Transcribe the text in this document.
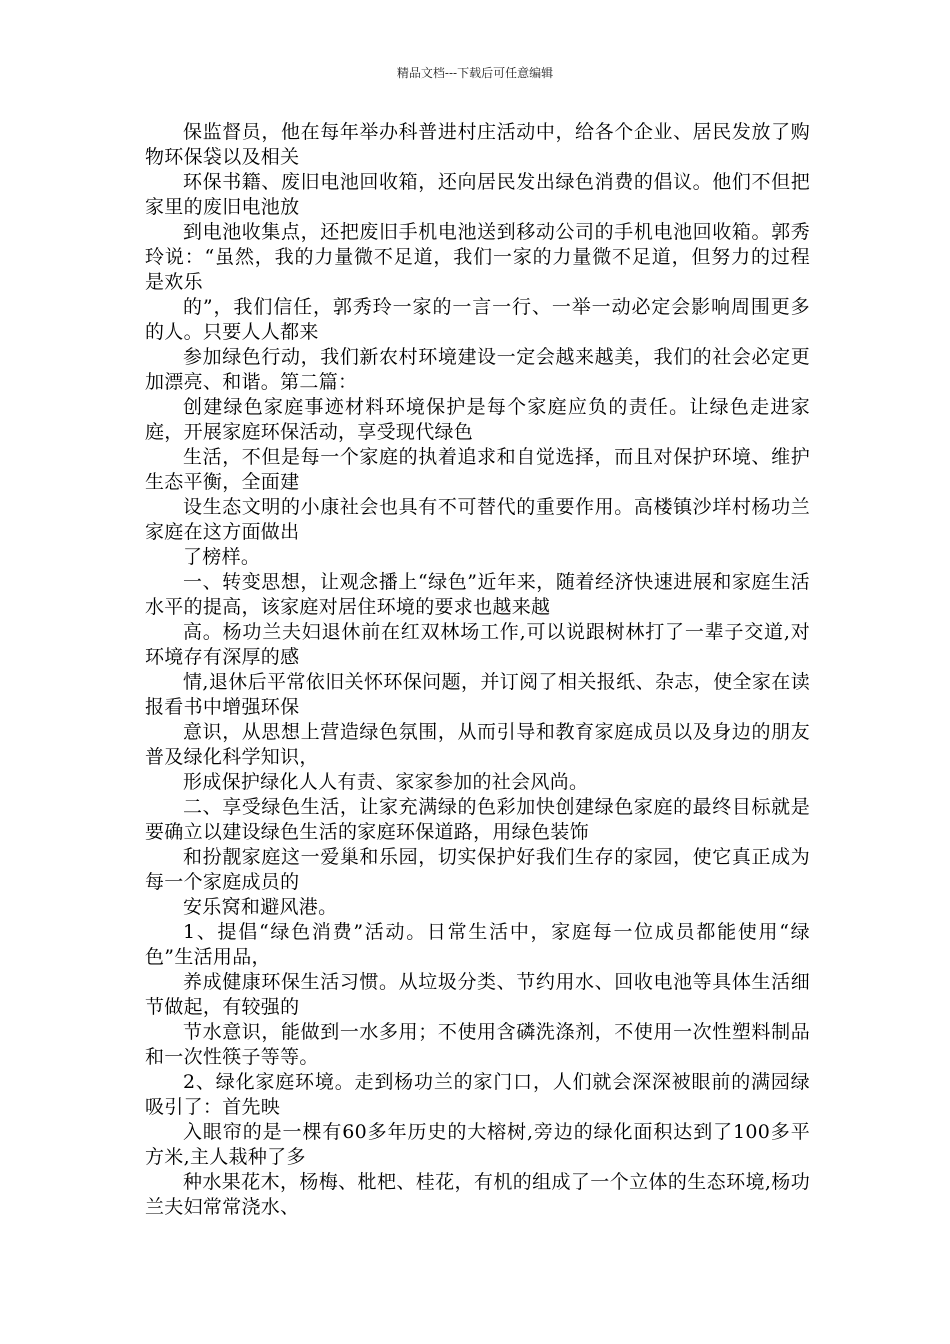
精品文档---下载后可任意编辑

保监督员，他在每年举办科普进村庄活动中，给各个企业、居民发放了购物环保袋以及相关

环保书籍、废旧电池回收箱，还向居民发出绿色消费的倡议。他们不但把家里的废旧电池放

到电池收集点，还把废旧手机电池送到移动公司的手机电池回收箱。郭秀玲说：“虽然，我的力量微不足道，我们一家的力量微不足道，但努力的过程是欢乐

的”，我们信任，郭秀玲一家的一言一行、一举一动必定会影响周围更多的人。只要人人都来

参加绿色行动，我们新农村环境建设一定会越来越美，我们的社会必定更加漂亮、和谐。第二篇：

创建绿色家庭事迹材料环境保护是每个家庭应负的责任。让绿色走进家庭，开展家庭环保活动，享受现代绿色

生活，不但是每一个家庭的执着追求和自觉选择，而且对保护环境、维护生态平衡，全面建

设生态文明的小康社会也具有不可替代的重要作用。高楼镇沙垟村杨功兰家庭在这方面做出

了榜样。

一、转变思想，让观念播上“绿色”近年来，随着经济快速进展和家庭生活水平的提高，该家庭对居住环境的要求也越来越

高。杨功兰夫妇退休前在红双林场工作,可以说跟树林打了一辈子交道,对环境存有深厚的感

情,退休后平常依旧关怀环保问题，并订阅了相关报纸、杂志，使全家在读报看书中增强环保

意识，从思想上营造绿色氛围，从而引导和教育家庭成员以及身边的朋友普及绿化科学知识，

形成保护绿化人人有责、家家参加的社会风尚。

二、享受绿色生活，让家充满绿的色彩加快创建绿色家庭的最终目标就是要确立以建设绿色生活的家庭环保道路，用绿色装饰

和扮靓家庭这一爱巢和乐园，切实保护好我们生存的家园，使它真正成为每一个家庭成员的

安乐窝和避风港。

1、提倡“绿色消费”活动。日常生活中，家庭每一位成员都能使用“绿色”生活用品，

养成健康环保生活习惯。从垃圾分类、节约用水、回收电池等具体生活细节做起，有较强的

节水意识，能做到一水多用；不使用含磷洗涤剂，不使用一次性塑料制品和一次性筷子等等。

2、绿化家庭环境。走到杨功兰的家门口，人们就会深深被眼前的满园绿吸引了：首先映

入眼帘的是一棵有60多年历史的大榕树,旁边的绿化面积达到了100多平方米,主人栽种了多

种水果花木，杨梅、枇杷、桂花，有机的组成了一个立体的生态环境,杨功兰夫妇常常浇水、
